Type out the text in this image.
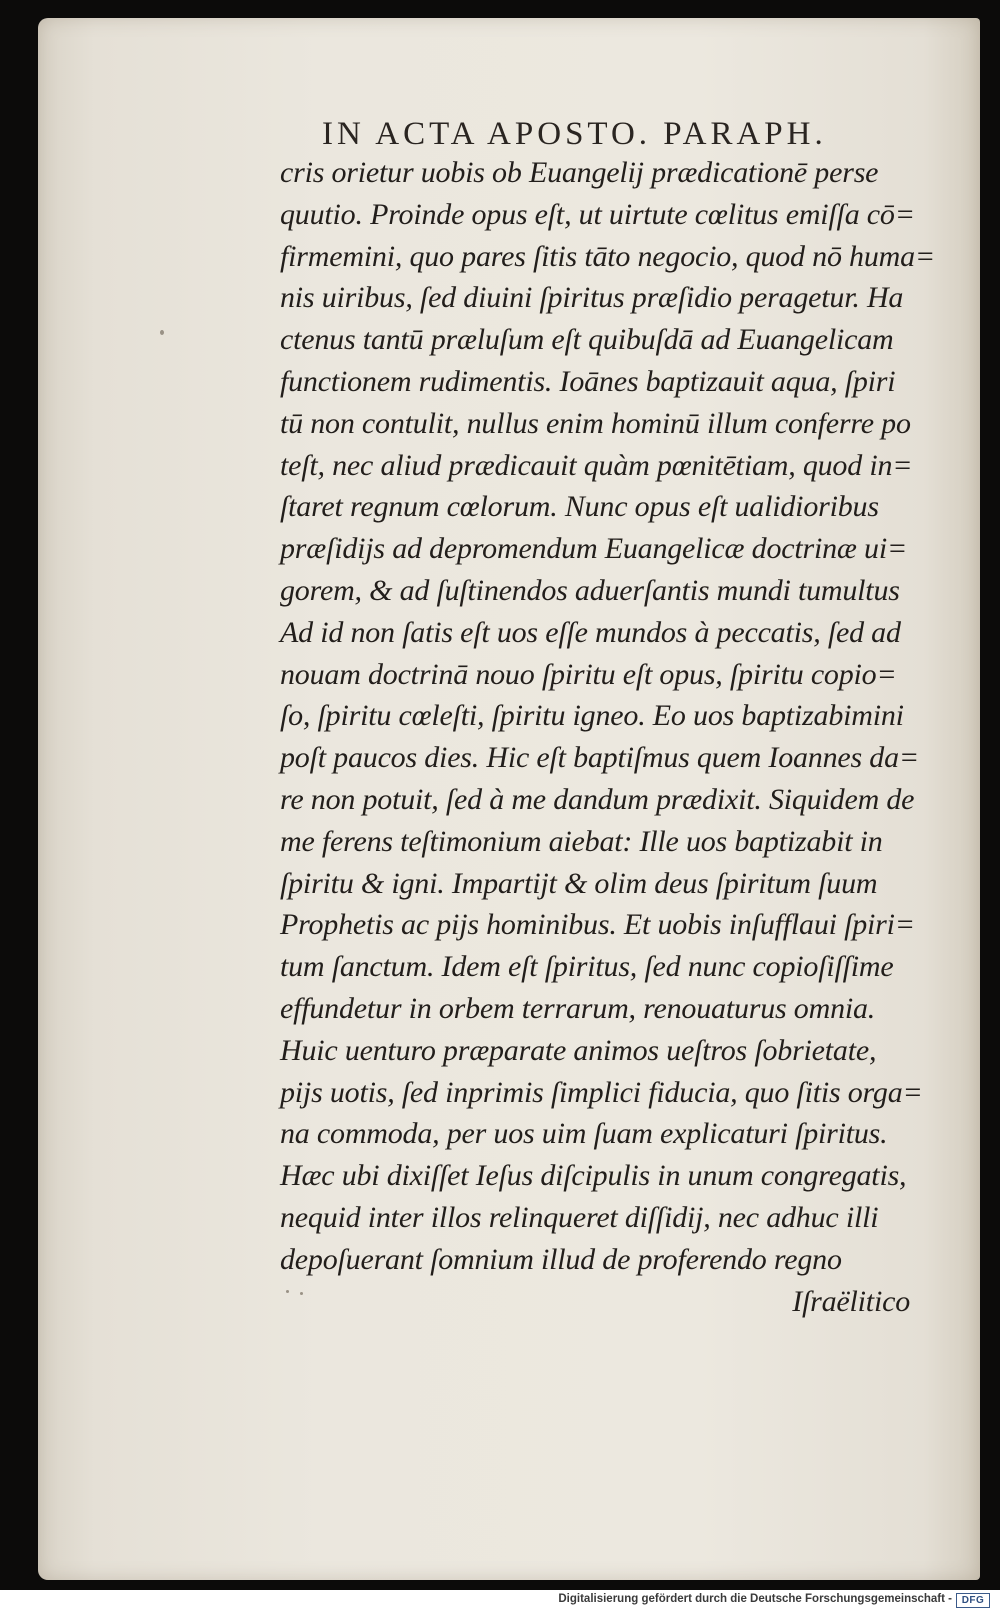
IN ACTA APOSTO. PARAPH.
cris orietur uobis ob Euangelij prædicationē perse
quutio. Proinde opus eſt, ut uirtute cœlitus emiſſa cō=
firmemini, quo pares ſitis tāto negocio, quod nō huma=
nis uiribus, ſed diuini ſpiritus præſidio peragetur. Ha
ctenus tantū præluſum eſt quibuſdā ad Euangelicam
functionem rudimentis. Ioānes baptizauit aqua, ſpiri
tū non contulit, nullus enim hominū illum conferre po
teſt, nec aliud prædicauit quàm pœnitētiam, quod in=
ſtaret regnum cœlorum. Nunc opus eſt ualidioribus
præſidijs ad depromendum Euangelicæ doctrinæ ui=
gorem, & ad ſuſtinendos aduerſantis mundi tumultus
Ad id non ſatis eſt uos eſſe mundos à peccatis, ſed ad
nouam doctrinā nouo ſpiritu eſt opus, ſpiritu copio=
ſo, ſpiritu cœleſti, ſpiritu igneo. Eo uos baptizabimini
poſt paucos dies. Hic eſt baptiſmus quem Ioannes da=
re non potuit, ſed à me dandum prædixit. Siquidem de
me ferens teſtimonium aiebat: Ille uos baptizabit in
ſpiritu & igni. Impartijt & olim deus ſpiritum ſuum
Prophetis ac pijs hominibus. Et uobis inſufflaui ſpiri=
tum ſanctum. Idem eſt ſpiritus, ſed nunc copioſiſſime
effundetur in orbem terrarum, renouaturus omnia.
Huic uenturo præparate animos ueſtros ſobrietate,
pijs uotis, ſed inprimis ſimplici fiducia, quo ſitis orga=
na commoda, per uos uim ſuam explicaturi ſpiritus.
Hæc ubi dixiſſet Ieſus diſcipulis in unum congregatis,
nequid inter illos relinqueret diſſidij, nec adhuc illi
depoſuerant ſomnium illud de proferendo regno
Iſraëlitico
Digitalisierung gefördert durch die Deutsche Forschungsgemeinschaft - DFG
